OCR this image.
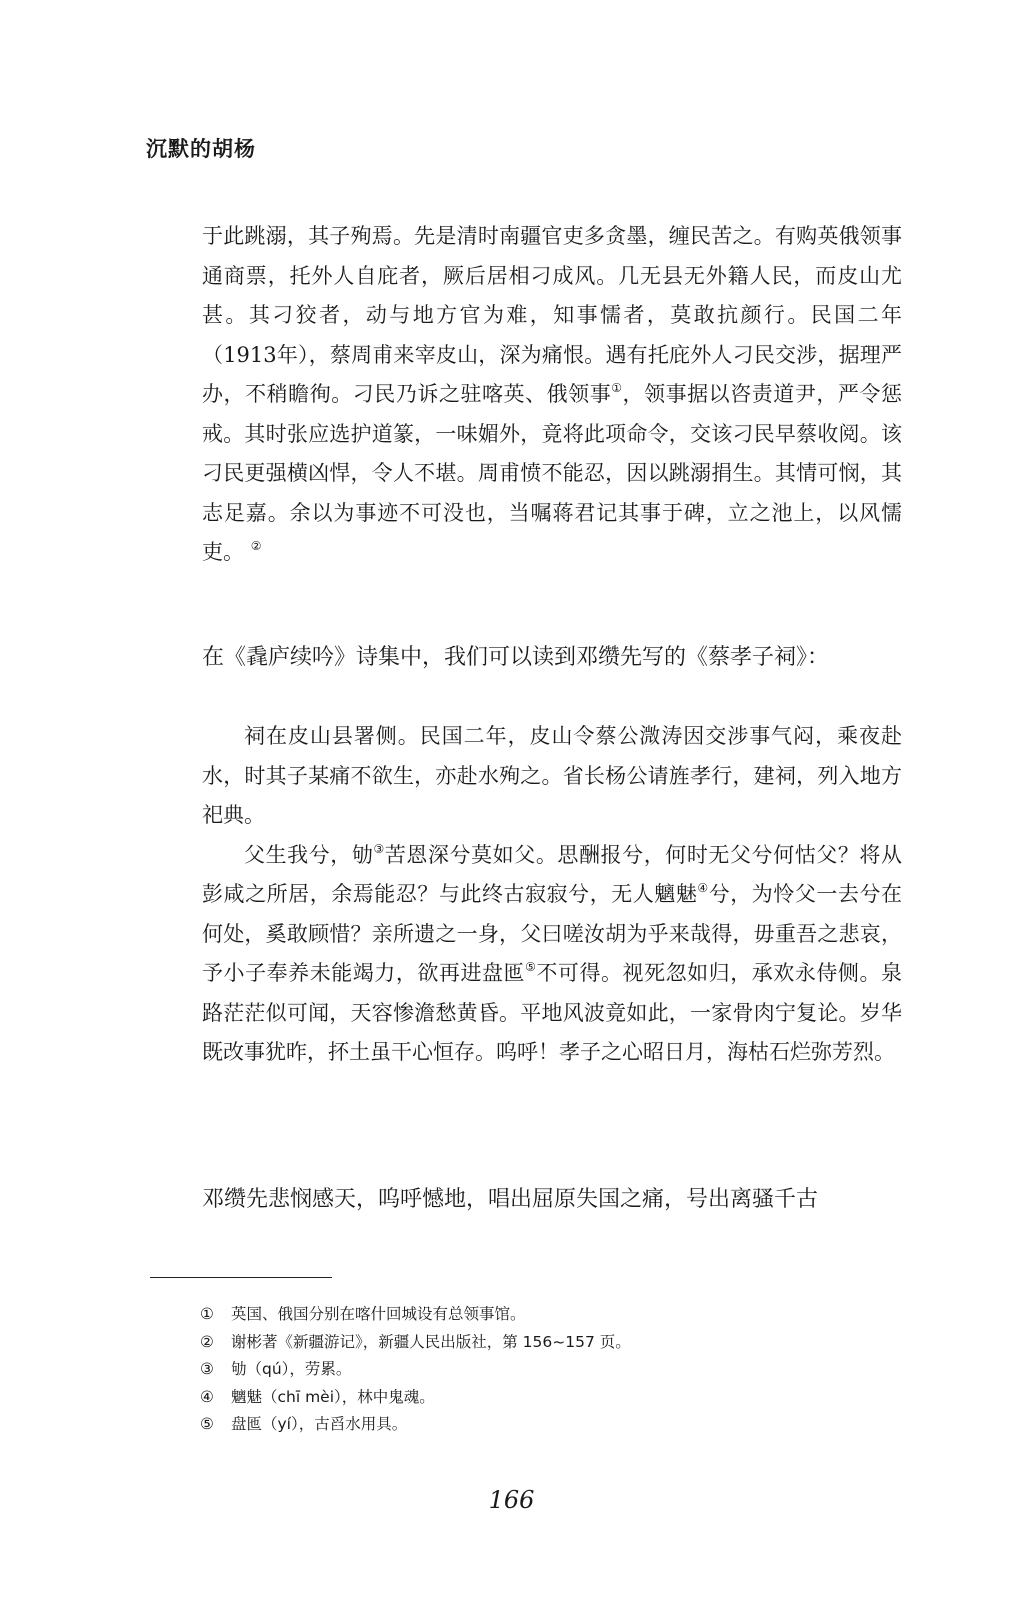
沉默的胡杨

于此跳溺，其子殉焉。先是清时南疆官吏多贪墨，缠民苦之。有购英俄领事通商票，托外人自庇者，厥后居相刁成风。几无县无外籍人民，而皮山尤甚。其刁狡者，动与地方官为难，知事懦者，莫敢抗颜行。民国二年（1913年），蔡周甫来宰皮山，深为痛恨。遇有托庇外人刁民交涉，据理严办，不稍瞻徇。刁民乃诉之驻喀英、俄领事①，领事据以咨责道尹，严令惩戒。其时张应选护道篆，一味媚外，竟将此项命令，交该刁民早蔡收阅。该刁民更强横凶悍，令人不堪。周甫愤不能忍，因以跳溺捐生。其情可悯，其志足嘉。余以为事迹不可没也，当嘱蒋君记其事于碑，立之池上，以风懦吏。 ②

在《毳庐续吟》诗集中，我们可以读到邓缵先写的《蔡孝子祠》：

祠在皮山县署侧。民国二年，皮山令蔡公溦涛因交涉事气闷，乘夜赴水，时其子某痛不欲生，亦赴水殉之。省长杨公请旌孝行，建祠，列入地方祀典。

父生我兮，劬③苦恩深兮莫如父。思酬报兮，何时无父兮何怙父？将从彭咸之所居，余焉能忍？与此终古寂寂兮，无人魑魅④兮，为怜父一去兮在何处，奚敢顾惜？亲所遗之一身，父曰嗟汝胡为乎来哉得，毋重吾之悲哀，予小子奉养未能竭力，欲再进盘匜⑤不可得。视死忽如归，承欢永侍侧。泉路茫茫似可闻，天容惨澹愁黄昏。平地风波竟如此，一家骨肉宁复论。岁华既改事犹昨，抔土虽干心恒存。呜呼！孝子之心昭日月，海枯石烂弥芳烈。

邓缵先悲悯感天，呜呼憾地，唱出屈原失国之痛，号出离骚千古
①	英国、俄国分别在喀什回城设有总领事馆。
②	谢彬著《新疆游记》，新疆人民出版社，第 156~157 页。
③	劬（qú），劳累。
④	魑魅（chī mèi），林中鬼魂。
⑤	盘匜（yí），古舀水用具。
166
